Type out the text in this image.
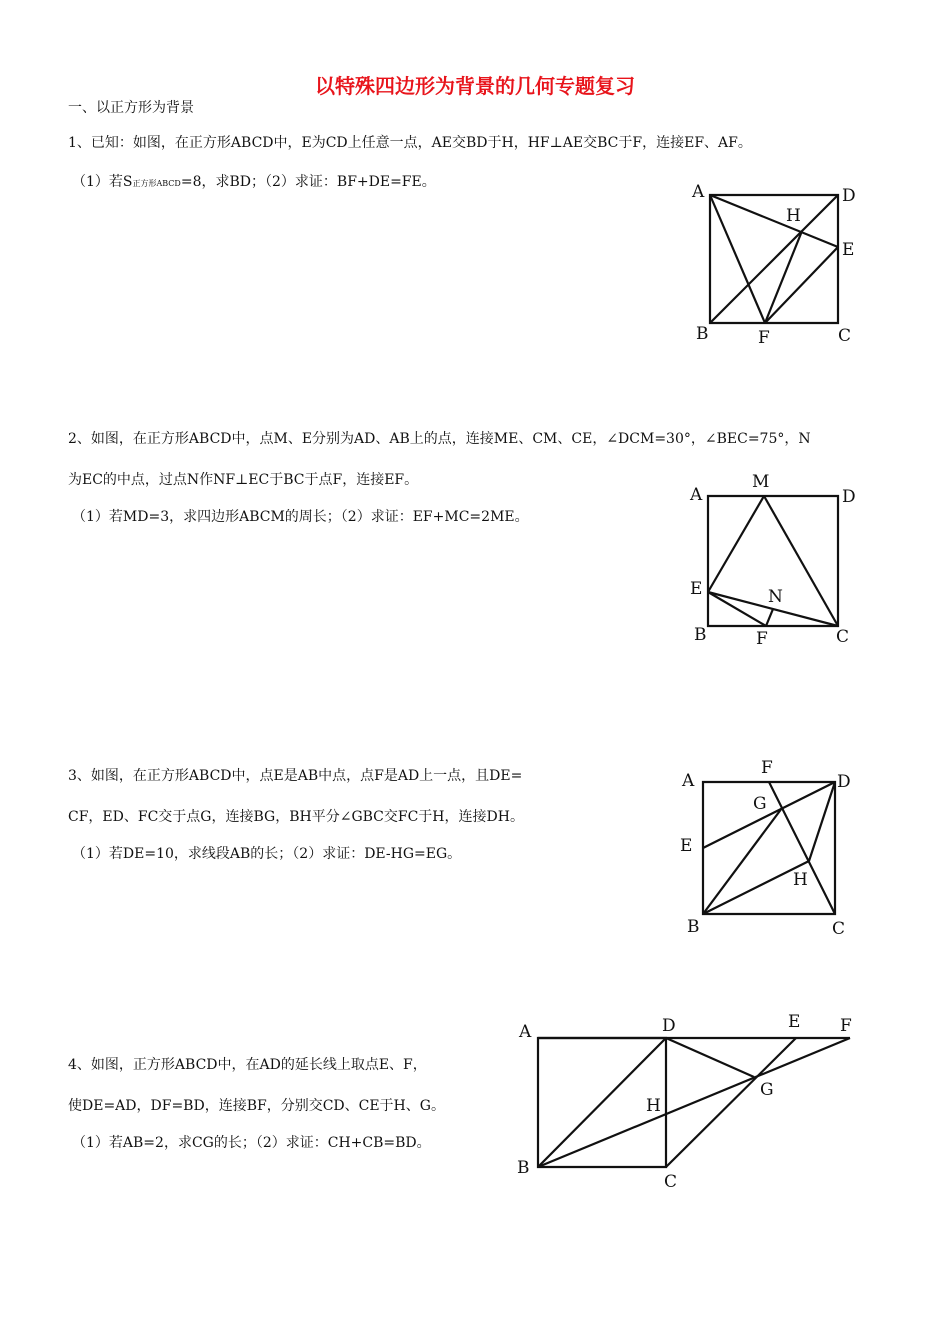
以特殊四边形为背景的几何专题复习
一、以正方形为背景
1、已知：如图，在正方形ABCD中，E为CD上任意一点，AE交BD于H，HF⊥AE交BC于F，连接EF、AF。
（1）若S正方形ABCD=8，求BD；（2）求证：BF+DE=FE。	A	D
H
E
B	F	C
2、如图，在正方形ABCD中，点M、E分别为AD、AB上的点，连接ME、CM、CE，∠DCM=30°，∠BEC=75°，N
为EC的中点，过点N作NF⊥EC于BC于点F，连接EF。
（1）若MD=3，求四边形ABCM的周长；（2）求证：EF+MC=2ME。
A
M
D
E	N
B	F	C
3、如图，在正方形ABCD中，点E是AB中点，点F是AD上一点，且DE=
CF，ED、FC交于点G，连接BG，BH平分∠GBC交FC于H，连接DH。
（1）若DE=10，求线段AB的长；（2）求证：DE-HG=EG。
A
F
D
G
E
H
B	C
4、如图，正方形ABCD中，在AD的延长线上取点E、F，
使DE=AD，DF=BD，连接BF，分别交CD、CE于H、G。
（1）若AB=2，求CG的长；（2）求证：CH+CB=BD。
A	D	E F
G
H
B
C
